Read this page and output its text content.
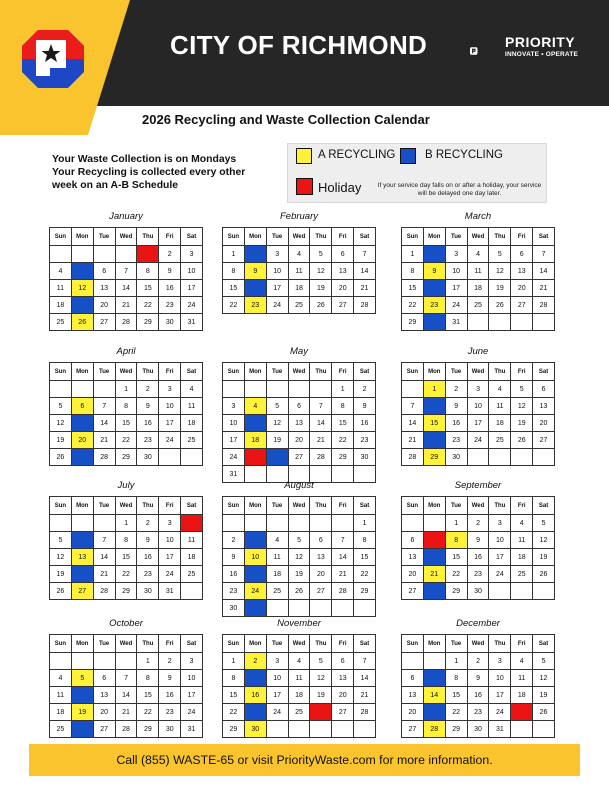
CITY OF RICHMOND	PRIORITY
INNOVATE • OPERATE
2026 Recycling and Waste Collection Calendar
Your Waste Collection is on Mondays
Your Recycling is collected every other
week on an A-B Schedule
A RECYCLING	B RECYCLING
Holiday	If your service day falls on or after a holiday, your service will be delayed one day later.
January
Sun	Mon	Tue	Wed	Thu	Fri	Sat
				1	2	3
4	5	6	7	8	9	10
11	12	13	14	15	16	17
18	19	20	21	22	23	24
25	26	27	28	29	30	31
February
Sun	Mon	Tue	Wed	Thu	Fri	Sat
1	2	3	4	5	6	7
8	9	10	11	12	13	14
15	16	17	18	19	20	21
22	23	24	25	26	27	28
March
Sun	Mon	Tue	Wed	Thu	Fri	Sat
1	2	3	4	5	6	7
8	9	10	11	12	13	14
15	16	17	18	19	20	21
22	23	24	25	26	27	28
29	30	31				
April
Sun	Mon	Tue	Wed	Thu	Fri	Sat
			1	2	3	4
5	6	7	8	9	10	11
12	13	14	15	16	17	18
19	20	21	22	23	24	25
26	27	28	29	30		
May
Sun	Mon	Tue	Wed	Thu	Fri	Sat
					1	2
3	4	5	6	7	8	9
10	11	12	13	14	15	16
17	18	19	20	21	22	23
24	25	26	27	28	29	30
31						
June
Sun	Mon	Tue	Wed	Thu	Fri	Sat
	1	2	3	4	5	6
7	8	9	10	11	12	13
14	15	16	17	18	19	20
21	22	23	24	25	26	27
28	29	30				
July
Sun	Mon	Tue	Wed	Thu	Fri	Sat
			1	2	3	4
5	6	7	8	9	10	11
12	13	14	15	16	17	18
19	20	21	22	23	24	25
26	27	28	29	30	31	
August
Sun	Mon	Tue	Wed	Thu	Fri	Sat
						1
2	3	4	5	6	7	8
9	10	11	12	13	14	15
16	17	18	19	20	21	22
23	24	25	26	27	28	29
30	31					
September
Sun	Mon	Tue	Wed	Thu	Fri	Sat
		1	2	3	4	5
6	7	8	9	10	11	12
13	14	15	16	17	18	19
20	21	22	23	24	25	26
27	28	29	30			
October
Sun	Mon	Tue	Wed	Thu	Fri	Sat
				1	2	3
4	5	6	7	8	9	10
11	12	13	14	15	16	17
18	19	20	21	22	23	24
25	26	27	28	29	30	31
November
Sun	Mon	Tue	Wed	Thu	Fri	Sat
1	2	3	4	5	6	7
8	9	10	11	12	13	14
15	16	17	18	19	20	21
22	23	24	25	26	27	28
29	30					
December
Sun	Mon	Tue	Wed	Thu	Fri	Sat
		1	2	3	4	5
6	7	8	9	10	11	12
13	14	15	16	17	18	19
20	21	22	23	24	25	26
27	28	29	30	31		
Call (855) WASTE-65 or visit PriorityWaste.com for more information.
